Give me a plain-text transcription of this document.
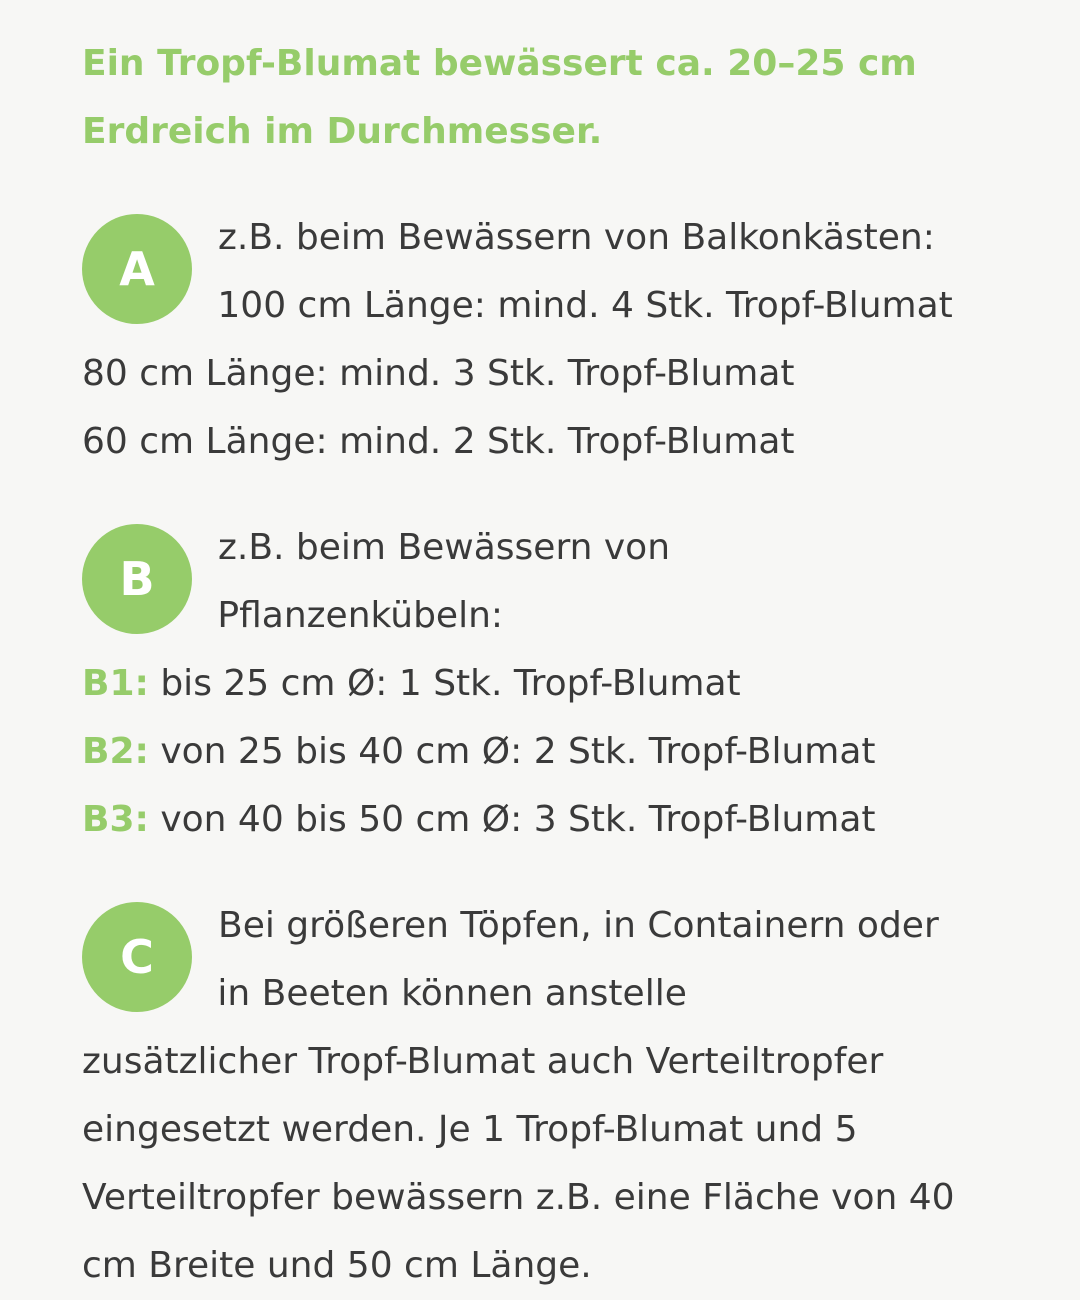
Ein Tropf-Blumat bewässert ca. 20–25 cm

Erdreich im Durchmesser.

A
z.B. beim Bewässern von Balkonkästen:
100 cm Länge: mind. 4 Stk. Tropf-Blumat
80 cm Länge: mind. 3 Stk. Tropf-Blumat
60 cm Länge: mind. 2 Stk. Tropf-Blumat
B
z.B. beim Bewässern von
Pflanzenkübeln:
B1: bis 25 cm Ø: 1 Stk. Tropf-Blumat
B2: von 25 bis 40 cm Ø: 2 Stk. Tropf-Blumat
B3: von 40 bis 50 cm Ø: 3 Stk. Tropf-Blumat
C
Bei größeren Töpfen, in Containern oder
in Beeten können anstelle
zusätzlicher Tropf-Blumat auch Verteiltropfer
eingesetzt werden. Je 1 Tropf-Blumat und 5
Verteiltropfer bewässern z.B. eine Fläche von 40
cm Breite und 50 cm Länge.
